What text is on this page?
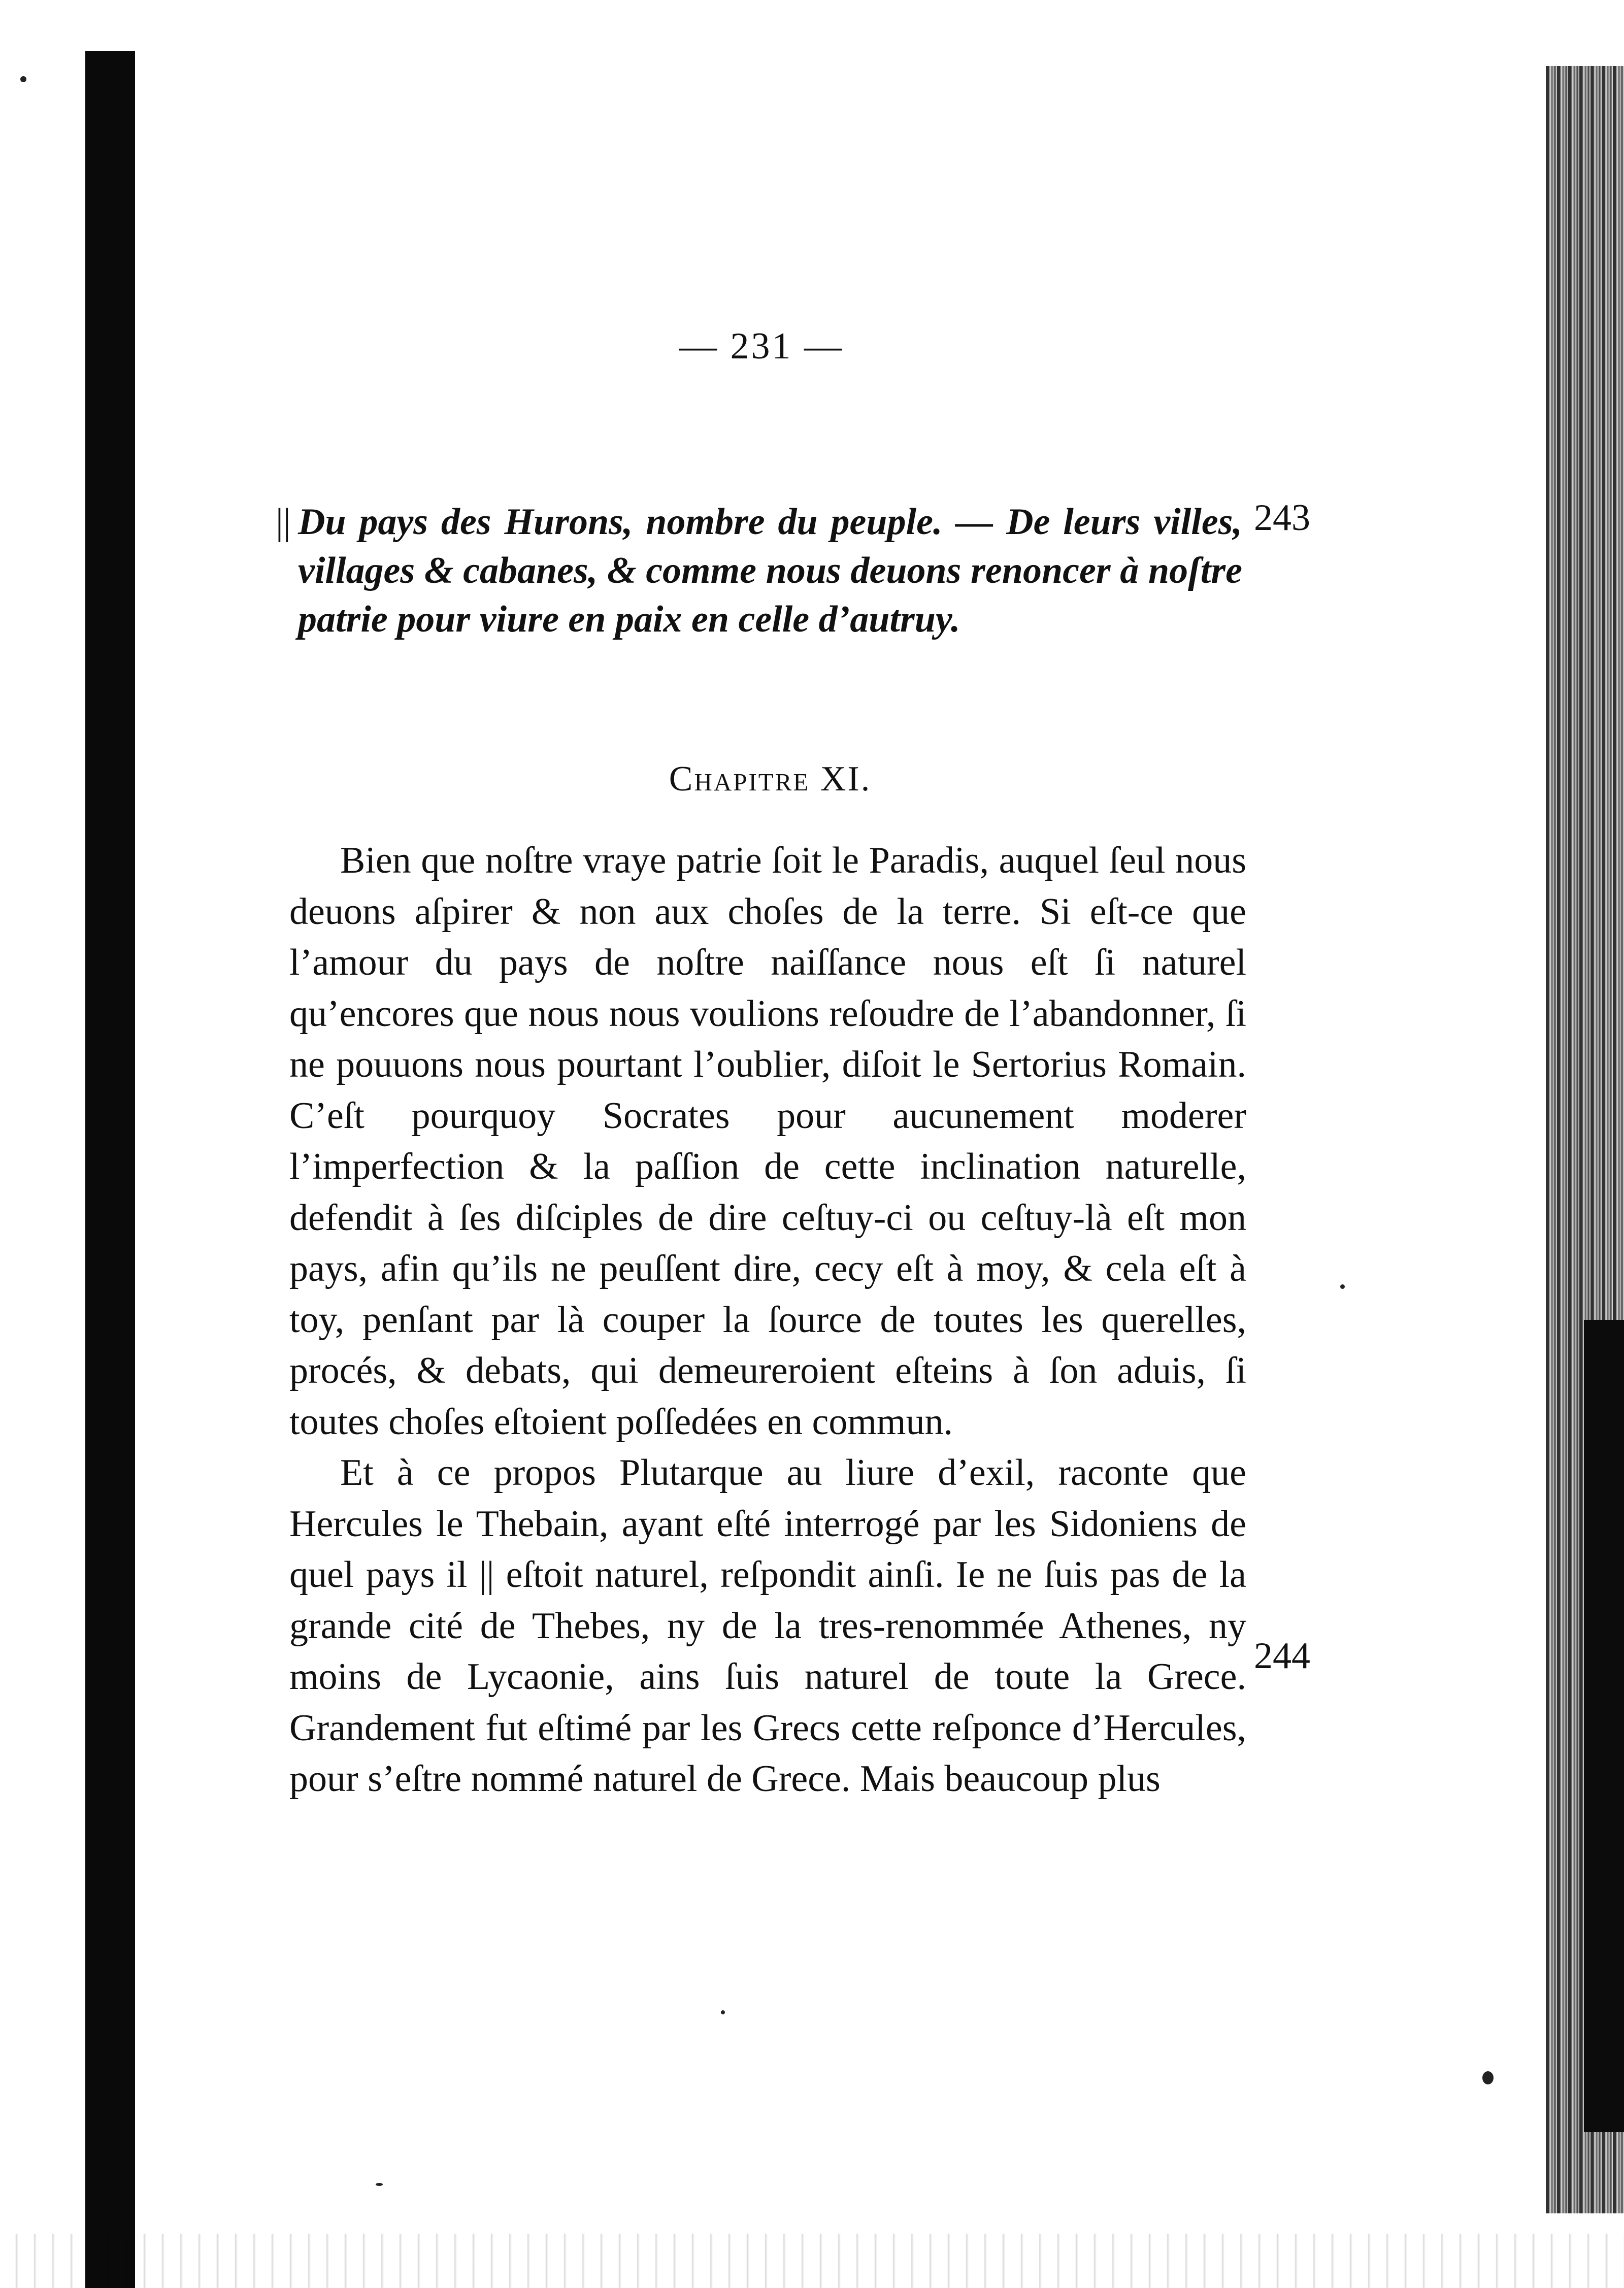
— 231 —
|| Du pays des Hurons, nombre du peuple. — De leurs villes, villages & cabanes, & comme nous deuons renoncer à noſtre patrie pour viure en paix en celle d’autruy.

Chapitre XI.

Bien que noſtre vraye patrie ſoit le Paradis, auquel ſeul nous deuons aſpirer & non aux choſes de la terre. Si eſt-ce que l’amour du pays de noſtre naiſſance nous eſt ſi naturel qu’encores que nous nous voulions reſoudre de l’abandonner, ſi ne pouuons nous pourtant l’oublier, diſoit le Sertorius Romain. C’eſt pourquoy Socrates pour aucunement moderer l’imperfection & la paſſion de cette inclination naturelle, defendit à ſes diſciples de dire ceſtuy-ci ou ceſtuy-là eſt mon pays, afin qu’ils ne peuſſent dire, cecy eſt à moy, & cela eſt à toy, penſant par là couper la ſource de toutes les querelles, procés, & debats, qui demeureroient eſteins à ſon aduis, ſi toutes choſes eſtoient poſſedées en commun.

Et à ce propos Plutarque au liure d’exil, raconte que Hercules le Thebain, ayant eſté interrogé par les Sidoniens de quel pays il || eſtoit naturel, reſpondit ainſi. Ie ne ſuis pas de la grande cité de Thebes, ny de la tres-renommée Athenes, ny moins de Lycaonie, ains ſuis naturel de toute la Grece. Grandement fut eſtimé par les Grecs cette reſponce d’Hercules, pour s’eſtre nommé naturel de Grece. Mais beaucoup plus

243
244
